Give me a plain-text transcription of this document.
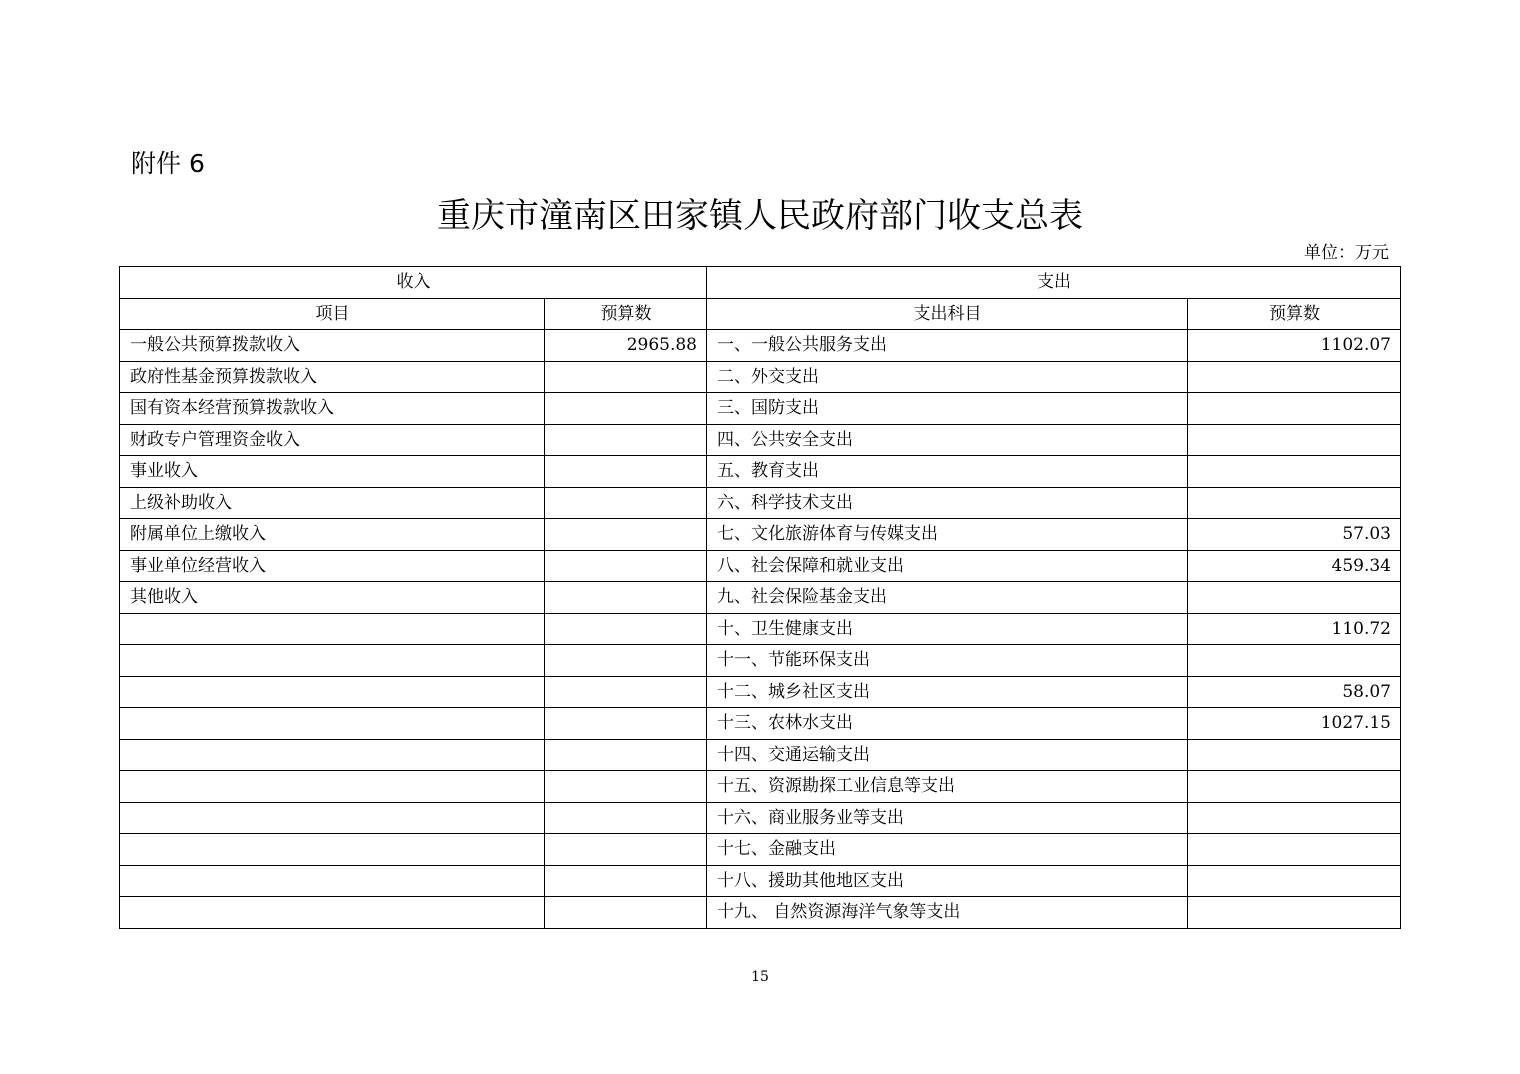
附件 6
重庆市潼南区田家镇人民政府部门收支总表
单位：万元
收入		支出	
项目	预算数	支出科目	预算数
一般公共预算拨款收入	2965.88	一、一般公共服务支出	1102.07
政府性基金预算拨款收入		二、外交支出	
国有资本经营预算拨款收入		三、国防支出	
财政专户管理资金收入		四、公共安全支出	
事业收入		五、教育支出	
上级补助收入		六、科学技术支出	
附属单位上缴收入		七、文化旅游体育与传媒支出	57.03
事业单位经营收入		八、社会保障和就业支出	459.34
其他收入		九、社会保险基金支出	
		十、卫生健康支出	110.72
		十一、节能环保支出	
		十二、城乡社区支出	58.07
		十三、农林水支出	1027.15
		十四、交通运输支出	
		十五、资源勘探工业信息等支出	
		十六、商业服务业等支出	
		十七、金融支出	
		十八、援助其他地区支出	
		十九、 自然资源海洋气象等支出	
15
